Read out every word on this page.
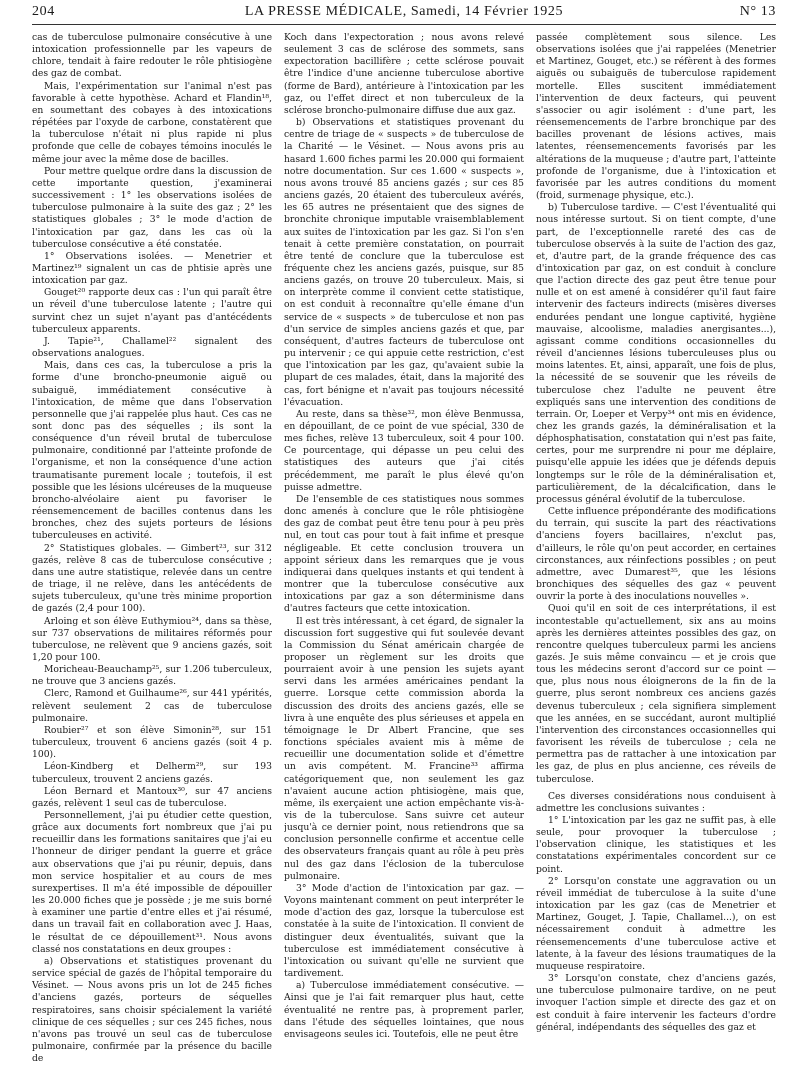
204	LA PRESSE MÉDICALE, Samedi, 14 Février 1925	N° 13

cas de tuberculose pulmonaire consécutive à une intoxication professionnelle par les vapeurs de chlore, tendait à faire redouter le rôle phtisiogène des gaz de combat.

Mais, l'expérimentation sur l'animal n'est pas favorable à cette hypothèse. Achard et Flandin¹⁸, en soumettant des cobayes à des intoxications répétées par l'oxyde de carbone, constatèrent que la tuberculose n'était ni plus rapide ni plus profonde que celle de cobayes témoins inoculés le même jour avec la même dose de bacilles.

Pour mettre quelque ordre dans la discussion de cette importante question, j'examinerai successivement : 1° les observations isolées de tuberculose pulmonaire à la suite des gaz ; 2° les statistiques globales ; 3° le mode d'action de l'intoxication par gaz, dans les cas où la tuberculose consécutive a été constatée.

1° Observations isolées. — Menetrier et Martinez¹⁹ signalent un cas de phtisie après une intoxication par gaz.

Gouget²⁰ rapporte deux cas : l'un qui paraît être un réveil d'une tuberculose latente ; l'autre qui survint chez un sujet n'ayant pas d'antécédents tuberculeux apparents.

J. Tapie²¹, Challamel²² signalent des observations analogues.

Mais, dans ces cas, la tuberculose a pris la forme d'une broncho-pneumonie aiguë ou subaiguë, immédiatement consécutive à l'intoxication, de même que dans l'observation personnelle que j'ai rappelée plus haut. Ces cas ne sont donc pas des séquelles ; ils sont la conséquence d'un réveil brutal de tuberculose pulmonaire, conditionné par l'atteinte profonde de l'organisme, et non la conséquence d'une action traumatisante purement locale ; toutefois, il est possible que les lésions ulcéreuses de la muqueuse broncho-alvéolaire aient pu favoriser le réensemencement de bacilles contenus dans les bronches, chez des sujets porteurs de lésions tuberculeuses en activité.

2° Statistiques globales. — Gimbert²³, sur 312 gazés, relève 8 cas de tuberculose consécutive ; dans une autre statistique, relevée dans un centre de triage, il ne relève, dans les antécédents de sujets tuberculeux, qu'une très minime proportion de gazés (2,4 pour 100).

Arloing et son élève Euthymiou²⁴, dans sa thèse, sur 737 observations de militaires réformés pour tuberculose, ne relèvent que 9 anciens gazés, soit 1,20 pour 100.

Moricheau-Beauchamp²⁵, sur 1.206 tuberculeux, ne trouve que 3 anciens gazés.

Clerc, Ramond et Guilhaume²⁶, sur 441 ypérités, relèvent seulement 2 cas de tuberculose pulmonaire.

Roubier²⁷ et son élève Simonin²⁸, sur 151 tuberculeux, trouvent 6 anciens gazés (soit 4 p. 100).

Léon-Kindberg et Delherm²⁹, sur 193 tuberculeux, trouvent 2 anciens gazés.

Léon Bernard et Mantoux³⁰, sur 47 anciens gazés, relèvent 1 seul cas de tuberculose.

Personnellement, j'ai pu étudier cette question, grâce aux documents fort nombreux que j'ai pu recueillir dans les formations sanitaires que j'ai eu l'honneur de diriger pendant la guerre et grâce aux observations que j'ai pu réunir, depuis, dans mon service hospitalier et au cours de mes surexpertises. Il m'a été impossible de dépouiller les 20.000 fiches que je possède ; je me suis borné à examiner une partie d'entre elles et j'ai résumé, dans un travail fait en collaboration avec J. Haas, le résultat de ce dépouillement³¹. Nous avons classé nos constatations en deux groupes :

a) Observations et statistiques provenant du service spécial de gazés de l'hôpital temporaire du Vésinet. — Nous avons pris un lot de 245 fiches d'anciens gazés, porteurs de séquelles respiratoires, sans choisir spécialement la variété clinique de ces séquelles ; sur ces 245 fiches, nous n'avons pas trouvé un seul cas de tuberculose pulmonaire, confirmée par la présence du bacille de

Koch dans l'expectoration ; nous avons relevé seulement 3 cas de sclérose des sommets, sans expectoration bacillifère ; cette sclérose pouvait être l'indice d'une ancienne tuberculose abortive (forme de Bard), antérieure à l'intoxication par les gaz, ou l'effet direct et non tuberculeux de la sclérose broncho-pulmonaire diffuse due aux gaz.

b) Observations et statistiques provenant du centre de triage de « suspects » de tuberculose de la Charité — le Vésinet. — Nous avons pris au hasard 1.600 fiches parmi les 20.000 qui formaient notre documentation. Sur ces 1.600 « suspects », nous avons trouvé 85 anciens gazés ; sur ces 85 anciens gazés, 20 étaient des tuberculeux avérés, les 65 autres ne présentaient que des signes de bronchite chronique imputable vraisemblablement aux suites de l'intoxication par les gaz. Si l'on s'en tenait à cette première constatation, on pourrait être tenté de conclure que la tuberculose est fréquente chez les anciens gazés, puisque, sur 85 anciens gazés, on trouve 20 tuberculeux. Mais, si on interprète comme il convient cette statistique, on est conduit à reconnaître qu'elle émane d'un service de « suspects » de tuberculose et non pas d'un service de simples anciens gazés et que, par conséquent, d'autres facteurs de tuberculose ont pu intervenir ; ce qui appuie cette restriction, c'est que l'intoxication par les gaz, qu'avaient subie la plupart de ces malades, était, dans la majorité des cas, fort bénigne et n'avait pas toujours nécessité l'évacuation.

Au reste, dans sa thèse³², mon élève Benmussa, en dépouillant, de ce point de vue spécial, 330 de mes fiches, relève 13 tuberculeux, soit 4 pour 100. Ce pourcentage, qui dépasse un peu celui des statistiques des auteurs que j'ai cités précédemment, me paraît le plus élevé qu'on puisse admettre.

De l'ensemble de ces statistiques nous sommes donc amenés à conclure que le rôle phtisiogène des gaz de combat peut être tenu pour à peu près nul, en tout cas pour tout à fait infime et presque négligeable. Et cette conclusion trouvera un appoint sérieux dans les remarques que je vous indiquerai dans quelques instants et qui tendent à montrer que la tuberculose consécutive aux intoxications par gaz a son déterminisme dans d'autres facteurs que cette intoxication.

Il est très intéressant, à cet égard, de signaler la discussion fort suggestive qui fut soulevée devant la Commission du Sénat américain chargée de proposer un règlement sur les droits que pourraient avoir à une pension les sujets ayant servi dans les armées américaines pendant la guerre. Lorsque cette commission aborda la discussion des droits des anciens gazés, elle se livra à une enquête des plus sérieuses et appela en témoignage le Dr Albert Francine, que ses fonctions spéciales avaient mis à même de recueillir une documentation solide et d'émettre un avis compétent. M. Francine³³ affirma catégoriquement que, non seulement les gaz n'avaient aucune action phtisiogène, mais que, même, ils exerçaient une action empêchante vis-à-vis de la tuberculose. Sans suivre cet auteur jusqu'à ce dernier point, nous retiendrons que sa conclusion personnelle confirme et accentue celle des observateurs français quant au rôle à peu près nul des gaz dans l'éclosion de la tuberculose pulmonaire.

3° Mode d'action de l'intoxication par gaz. — Voyons maintenant comment on peut interpréter le mode d'action des gaz, lorsque la tuberculose est constatée à la suite de l'intoxication. Il convient de distinguer deux éventualités, suivant que la tuberculose est immédiatement consécutive à l'intoxication ou suivant qu'elle ne survient que tardivement.

a) Tuberculose immédiatement consécutive. — Ainsi que je l'ai fait remarquer plus haut, cette éventualité ne rentre pas, à proprement parler, dans l'étude des séquelles lointaines, que nous envisageons seules ici. Toutefois, elle ne peut être

passée complètement sous silence. Les observations isolées que j'ai rappelées (Menetrier et Martinez, Gouget, etc.) se réfèrent à des formes aiguës ou subaiguës de tuberculose rapidement mortelle. Elles suscitent immédiatement l'intervention de deux facteurs, qui peuvent s'associer ou agir isolément : d'une part, les réensemencements de l'arbre bronchique par des bacilles provenant de lésions actives, mais latentes, réensemencements favorisés par les altérations de la muqueuse ; d'autre part, l'atteinte profonde de l'organisme, due à l'intoxication et favorisée par les autres conditions du moment (froid, surmenage physique, etc.).

b) Tuberculose tardive. — C'est l'éventualité qui nous intéresse surtout. Si on tient compte, d'une part, de l'exceptionnelle rareté des cas de tuberculose observés à la suite de l'action des gaz, et, d'autre part, de la grande fréquence des cas d'intoxication par gaz, on est conduit à conclure que l'action directe des gaz peut être tenue pour nulle et on est amené à considérer qu'il faut faire intervenir des facteurs indirects (misères diverses endurées pendant une longue captivité, hygiène mauvaise, alcoolisme, maladies anergisantes...), agissant comme conditions occasionnelles du réveil d'anciennes lésions tuberculeuses plus ou moins latentes. Et, ainsi, apparaît, une fois de plus, la nécessité de se souvenir que les réveils de tuberculose chez l'adulte ne peuvent être expliqués sans une intervention des conditions de terrain. Or, Loeper et Verpy³⁴ ont mis en évidence, chez les grands gazés, la déminéralisation et la déphosphatisation, constatation qui n'est pas faite, certes, pour me surprendre ni pour me déplaire, puisqu'elle appuie les idées que je défends depuis longtemps sur le rôle de la déminéralisation et, particulièrement, de la décalcification, dans le processus général évolutif de la tuberculose.

Cette influence prépondérante des modifications du terrain, qui suscite la part des réactivations d'anciens foyers bacillaires, n'exclut pas, d'ailleurs, le rôle qu'on peut accorder, en certaines circonstances, aux réinfections possibles ; on peut admettre, avec Dumarest³⁵, que les lésions bronchiques des séquelles des gaz « peuvent ouvrir la porte à des inoculations nouvelles ».

Quoi qu'il en soit de ces interprétations, il est incontestable qu'actuellement, six ans au moins après les dernières atteintes possibles des gaz, on rencontre quelques tuberculeux parmi les anciens gazés. Je suis même convaincu — et je crois que tous les médecins seront d'accord sur ce point — que, plus nous nous éloignerons de la fin de la guerre, plus seront nombreux ces anciens gazés devenus tuberculeux ; cela signifiera simplement que les années, en se succédant, auront multiplié l'intervention des circonstances occasionnelles qui favorisent les réveils de tuberculose ; cela ne permettra pas de rattacher à une intoxication par les gaz, de plus en plus ancienne, ces réveils de tuberculose.

Ces diverses considérations nous conduisent à admettre les conclusions suivantes :

1° L'intoxication par les gaz ne suffit pas, à elle seule, pour provoquer la tuberculose ; l'observation clinique, les statistiques et les constatations expérimentales concordent sur ce point.

2° Lorsqu'on constate une aggravation ou un réveil immédiat de tuberculose à la suite d'une intoxication par les gaz (cas de Menetrier et Martinez, Gouget, J. Tapie, Challamel...), on est nécessairement conduit à admettre les réensemencements d'une tuberculose active et latente, à la faveur des lésions traumatiques de la muqueuse respiratoire.

3° Lorsqu'on constate, chez d'anciens gazés, une tuberculose pulmonaire tardive, on ne peut invoquer l'action simple et directe des gaz et on est conduit à faire intervenir les facteurs d'ordre général, indépendants des séquelles des gaz et
